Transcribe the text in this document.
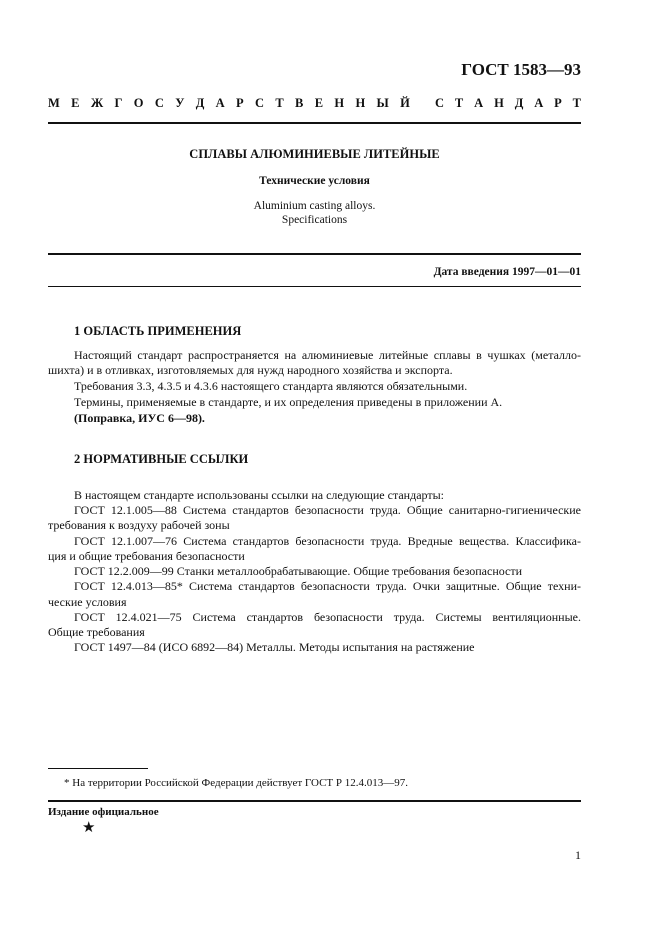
ГОСТ 1583—93
М Е Ж Г О С У Д А Р С Т В Е Н Н Ы Й С Т А Н Д А Р Т
СПЛАВЫ АЛЮМИНИЕВЫЕ ЛИТЕЙНЫЕ
Технические условия
Aluminium casting alloys.
Specifications
Дата введения 1997—01—01
1 ОБЛАСТЬ ПРИМЕНЕНИЯ
Настоящий стандарт распространяется на алюминиевые литейные сплавы в чушках (металло-
шихта) и в отливках, изготовляемых для нужд народного хозяйства и экспорта.
Требования 3.3, 4.3.5 и 4.3.6 настоящего стандарта являются обязательными.
Термины, применяемые в стандарте, и их определения приведены в приложении А.
(Поправка, ИУС 6—98).
2 НОРМАТИВНЫЕ ССЫЛКИ
В настоящем стандарте использованы ссылки на следующие стандарты:
ГОСТ 12.1.005—88 Система стандартов безопасности труда. Общие санитарно-гигиенические
требования к воздуху рабочей зоны
ГОСТ 12.1.007—76 Система стандартов безопасности труда. Вредные вещества. Классифика-
ция и общие требования безопасности
ГОСТ 12.2.009—99 Станки металлообрабатывающие. Общие требования безопасности
ГОСТ 12.4.013—85* Система стандартов безопасности труда. Очки защитные. Общие техни-
ческие условия
ГОСТ 12.4.021—75 Система стандартов безопасности труда. Системы вентиляционные.
Общие требования
ГОСТ 1497—84 (ИСО 6892—84) Металлы. Методы испытания на растяжение
* На территории Российской Федерации действует ГОСТ Р 12.4.013—97.
Издание официальное
★
1
